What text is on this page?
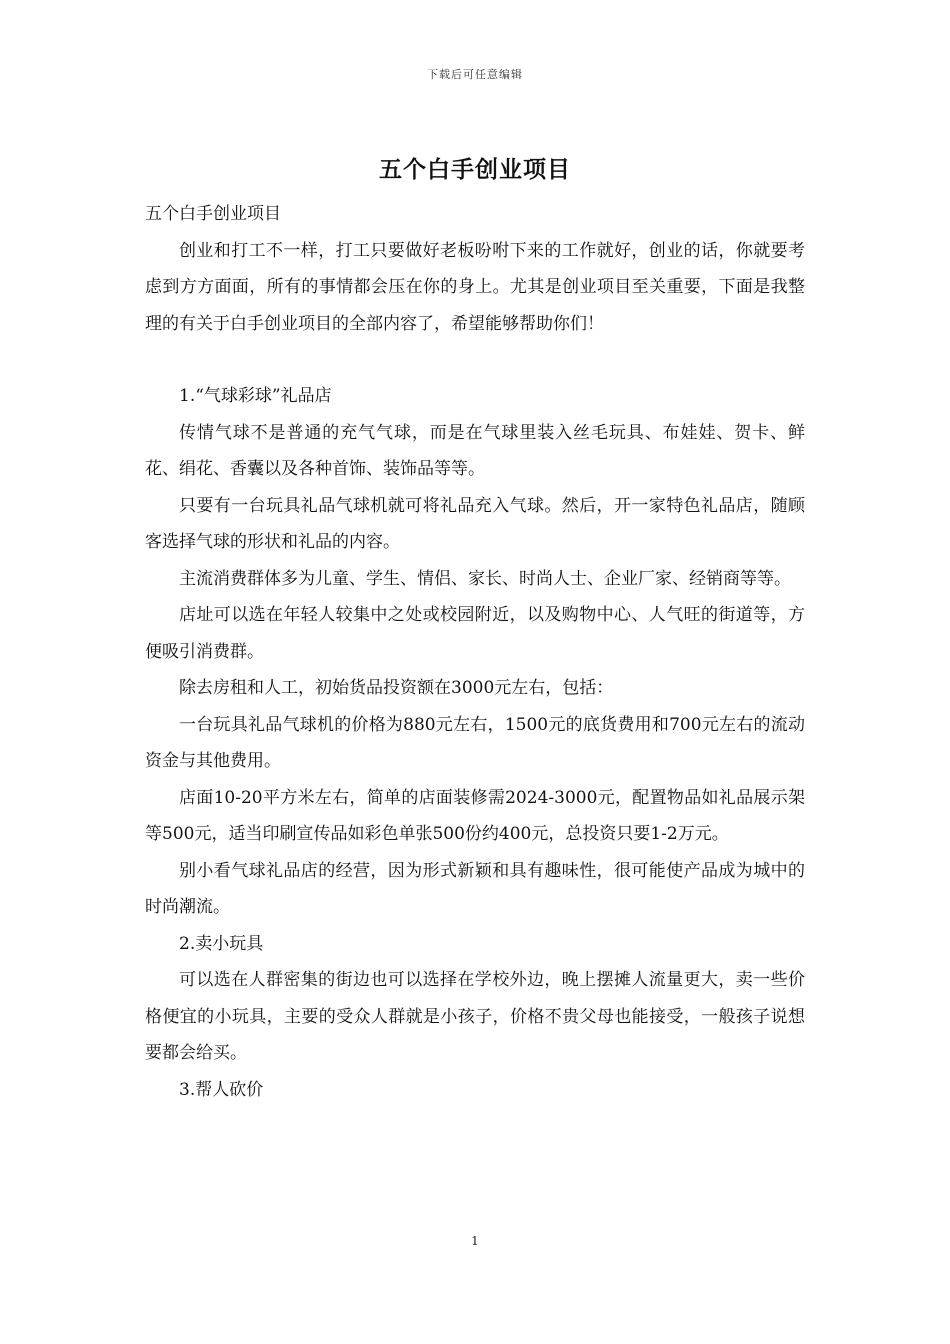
下载后可任意编辑
五个白手创业项目

五个白手创业项目

创业和打工不一样，打工只要做好老板吩咐下来的工作就好，创业的话，你就要考虑到方方面面，所有的事情都会压在你的身上。尤其是创业项目至关重要，下面是我整理的有关于白手创业项目的全部内容了，希望能够帮助你们！

1.“气球彩球”礼品店

传情气球不是普通的充气气球，而是在气球里装入丝毛玩具、布娃娃、贺卡、鲜花、绢花、香囊以及各种首饰、装饰品等等。

只要有一台玩具礼品气球机就可将礼品充入气球。然后，开一家特色礼品店，随顾客选择气球的形状和礼品的内容。

主流消费群体多为儿童、学生、情侣、家长、时尚人士、企业厂家、经销商等等。

店址可以选在年轻人较集中之处或校园附近，以及购物中心、人气旺的街道等，方便吸引消费群。

除去房租和人工，初始货品投资额在3000元左右，包括：

一台玩具礼品气球机的价格为880元左右，1500元的底货费用和700元左右的流动资金与其他费用。

店面10-20平方米左右，简单的店面装修需2024-3000元，配置物品如礼品展示架等500元，适当印刷宣传品如彩色单张500份约400元，总投资只要1-2万元。

别小看气球礼品店的经营，因为形式新颖和具有趣味性，很可能使产品成为城中的时尚潮流。

2.卖小玩具

可以选在人群密集的街边也可以选择在学校外边，晚上摆摊人流量更大，卖一些价格便宜的小玩具，主要的受众人群就是小孩子，价格不贵父母也能接受，一般孩子说想要都会给买。

3.帮人砍价

1
